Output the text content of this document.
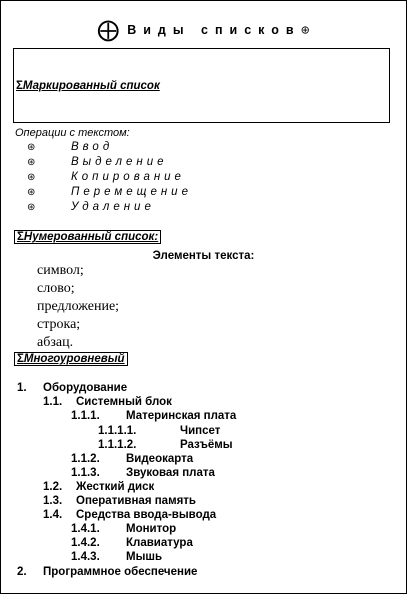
⨁ Виды списков⊕
ΣМаркированный список
Операции с текстом:
⊛	Ввод
⊛	Выделение
⊛	Копирование
⊛	Перемещение
⊛	Удаление
ΣНумерованный список:
Элементы текста:
символ;
слово;
предложение;
строка;
абзац.
ΣМногоуровневый
1. Оборудование
1.1. Системный блок
1.1.1. Материнская плата
1.1.1.1.	Чипсет
1.1.1.2.	Разъёмы
1.1.2. Видеокарта
1.1.3. Звуковая плата
1.2. Жесткий диск
1.3. Оперативная память
1.4. Средства ввода-вывода
1.4.1. Монитор
1.4.2. Клавиатура
1.4.3. Мышь
2. Программное обеспечение
